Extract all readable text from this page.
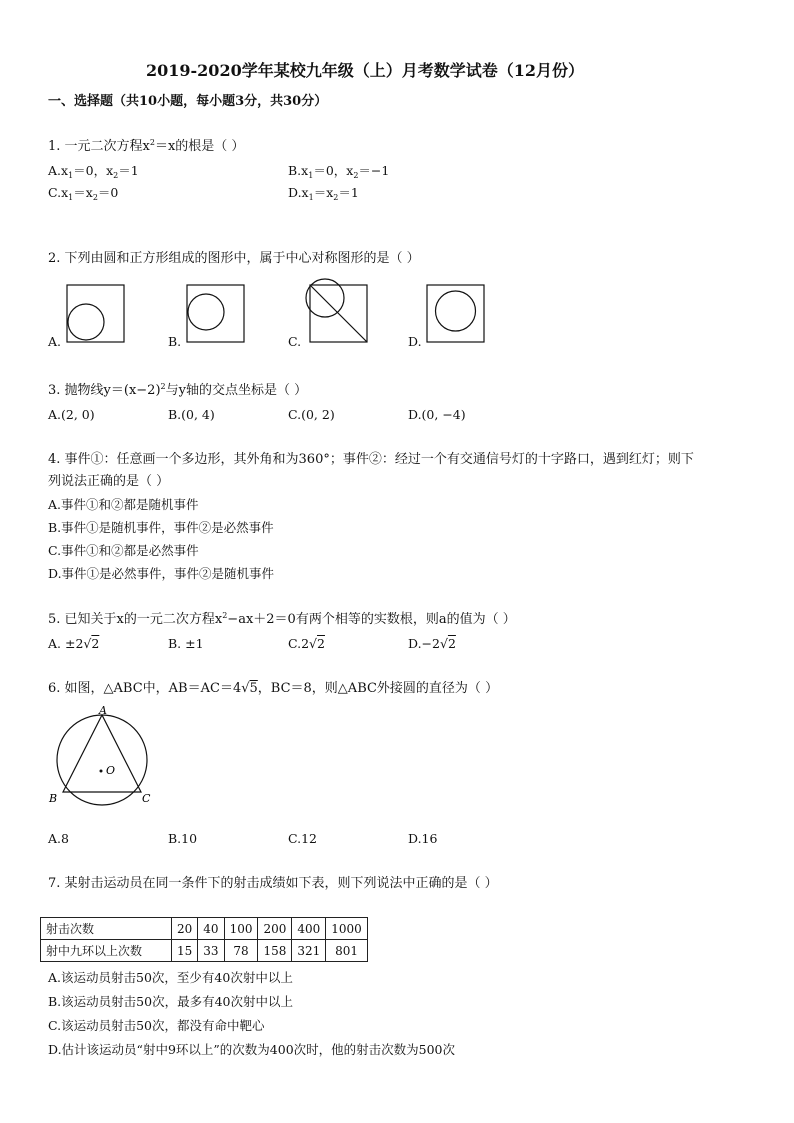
2019-2020学年某校九年级（上）月考数学试卷（12月份）
一、选择题（共10小题，每小题3分，共30分）
1. 一元二次方程$x^2=x$的根是（ ）
$A.x_1=0$，$x_2=1$	$B.x_1=0$，$x_2=-1$
$C.x_1=x_2=0$	$D.x_1=x_2=1$
2. 下列由圆和正方形组成的图形中，属于中心对称图形的是（ ）
A.	B.	C.	D.
3. 抛物线$y=(x-2)^2$与y轴的交点坐标是（ ）
A.(2, 0)	B.(0, 4)	C.(0, 2)	D.(0, −4)
4. 事件①：任意画一个多边形，其外角和为360°；事件②：经过一个有交通信号灯的十字路口，遇到红灯；则下
列说法正确的是（ ）
A.事件①和②都是随机事件
B.事件①是随机事件，事件②是必然事件
C.事件①和②都是必然事件
D.事件①是必然事件，事件②是随机事件
5. 已知关于x的一元二次方程$x^2-ax+2=0$有两个相等的实数根，则a的值为（ ）
A. ±2√2	B. ±1	C.2√2	D.−2√2
6. 如图，△ABC中，AB＝AC＝4√5，BC＝8，则△ABC外接圆的直径为（ ）
A
B	C
O
A.8	B.10	C.12	D.16
7. 某射击运动员在同一条件下的射击成绩如下表，则下列说法中正确的是（ ）
射击次数	20	40	100	200	400	1000
射中九环以上次数	15	33	78	158	321	801
A.该运动员射击50次，至少有40次射中以上
B.该运动员射击50次，最多有40次射中以上
C.该运动员射击50次，都没有命中靶心
D.估计该运动员“射中9环以上”的次数为400次时，他的射击次数为500次
